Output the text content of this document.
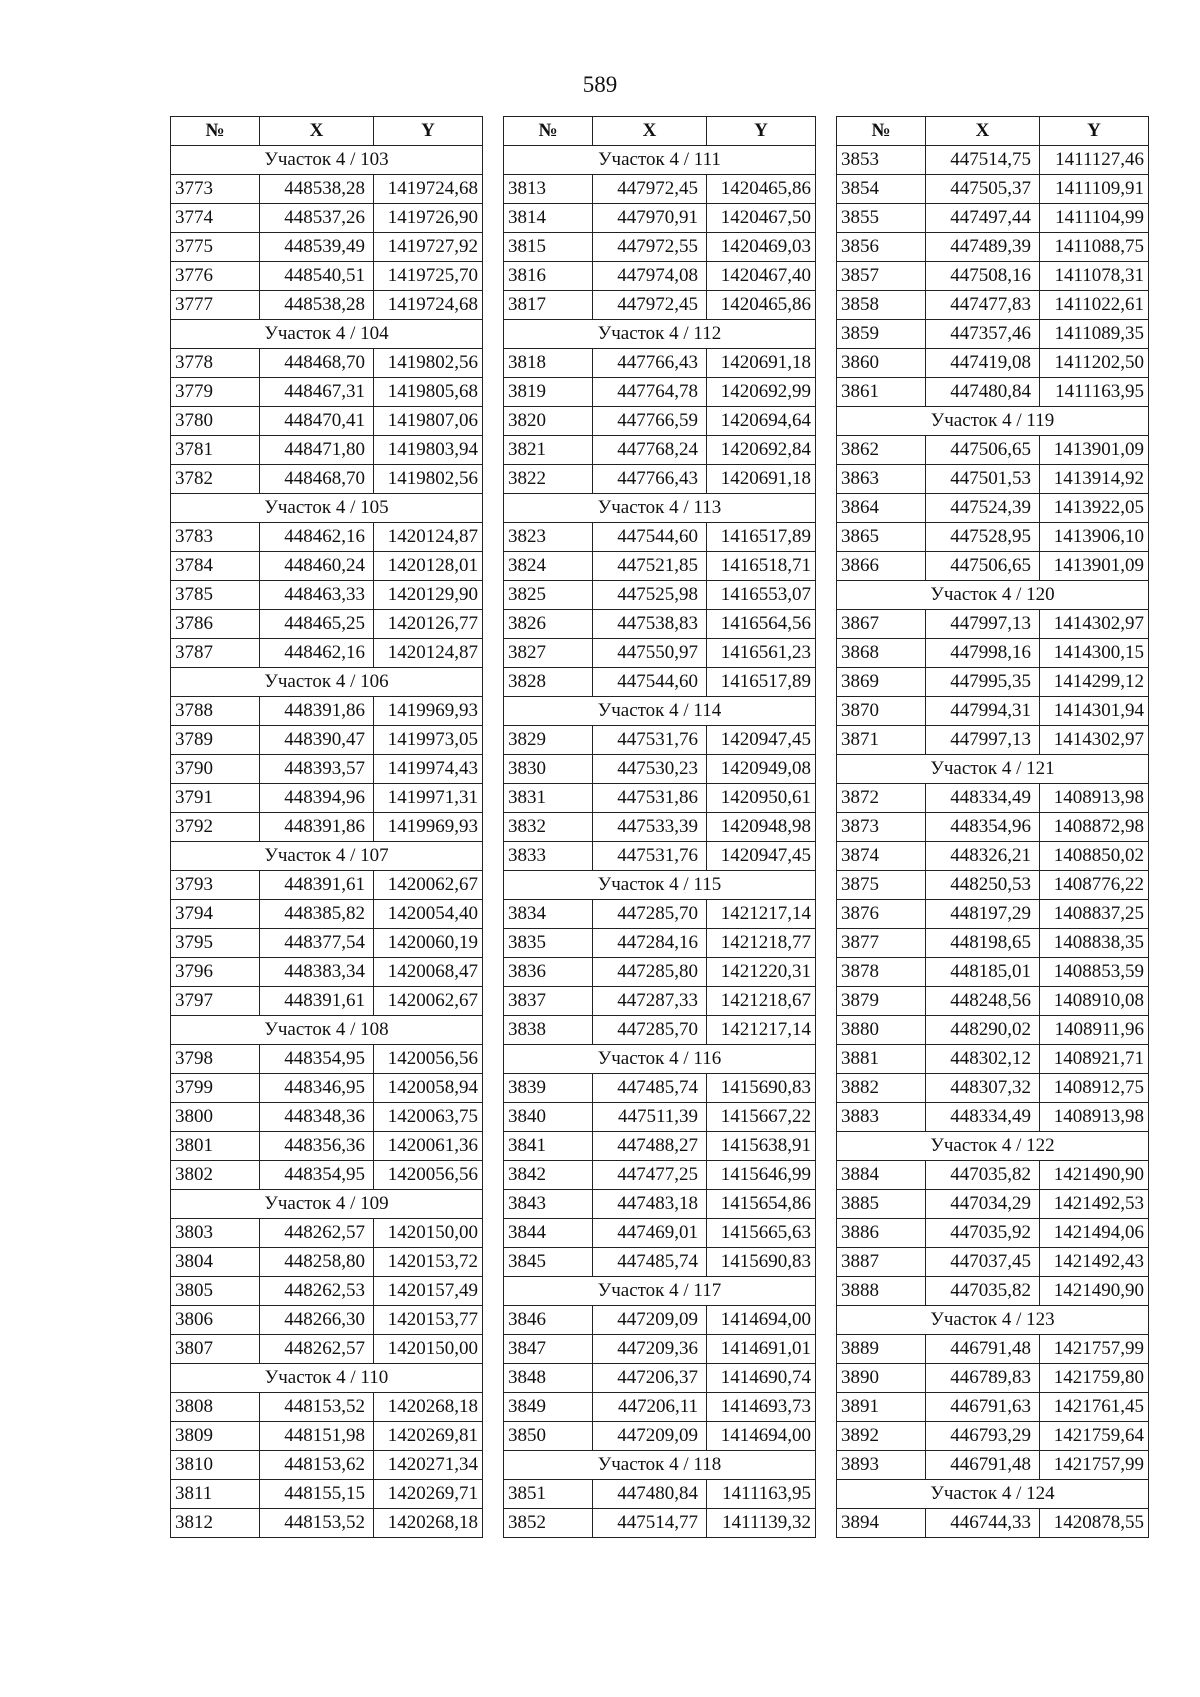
589
№	X	Y
Участок 4 / 103		
3773	448538,28	1419724,68
3774	448537,26	1419726,90
3775	448539,49	1419727,92
3776	448540,51	1419725,70
3777	448538,28	1419724,68
Участок 4 / 104		
3778	448468,70	1419802,56
3779	448467,31	1419805,68
3780	448470,41	1419807,06
3781	448471,80	1419803,94
3782	448468,70	1419802,56
Участок 4 / 105		
3783	448462,16	1420124,87
3784	448460,24	1420128,01
3785	448463,33	1420129,90
3786	448465,25	1420126,77
3787	448462,16	1420124,87
Участок 4 / 106		
3788	448391,86	1419969,93
3789	448390,47	1419973,05
3790	448393,57	1419974,43
3791	448394,96	1419971,31
3792	448391,86	1419969,93
Участок 4 / 107		
3793	448391,61	1420062,67
3794	448385,82	1420054,40
3795	448377,54	1420060,19
3796	448383,34	1420068,47
3797	448391,61	1420062,67
Участок 4 / 108		
3798	448354,95	1420056,56
3799	448346,95	1420058,94
3800	448348,36	1420063,75
3801	448356,36	1420061,36
3802	448354,95	1420056,56
Участок 4 / 109		
3803	448262,57	1420150,00
3804	448258,80	1420153,72
3805	448262,53	1420157,49
3806	448266,30	1420153,77
3807	448262,57	1420150,00
Участок 4 / 110		
3808	448153,52	1420268,18
3809	448151,98	1420269,81
3810	448153,62	1420271,34
3811	448155,15	1420269,71
3812	448153,52	1420268,18
№	X	Y
Участок 4 / 111		
3813	447972,45	1420465,86
3814	447970,91	1420467,50
3815	447972,55	1420469,03
3816	447974,08	1420467,40
3817	447972,45	1420465,86
Участок 4 / 112		
3818	447766,43	1420691,18
3819	447764,78	1420692,99
3820	447766,59	1420694,64
3821	447768,24	1420692,84
3822	447766,43	1420691,18
Участок 4 / 113		
3823	447544,60	1416517,89
3824	447521,85	1416518,71
3825	447525,98	1416553,07
3826	447538,83	1416564,56
3827	447550,97	1416561,23
3828	447544,60	1416517,89
Участок 4 / 114		
3829	447531,76	1420947,45
3830	447530,23	1420949,08
3831	447531,86	1420950,61
3832	447533,39	1420948,98
3833	447531,76	1420947,45
Участок 4 / 115		
3834	447285,70	1421217,14
3835	447284,16	1421218,77
3836	447285,80	1421220,31
3837	447287,33	1421218,67
3838	447285,70	1421217,14
Участок 4 / 116		
3839	447485,74	1415690,83
3840	447511,39	1415667,22
3841	447488,27	1415638,91
3842	447477,25	1415646,99
3843	447483,18	1415654,86
3844	447469,01	1415665,63
3845	447485,74	1415690,83
Участок 4 / 117		
3846	447209,09	1414694,00
3847	447209,36	1414691,01
3848	447206,37	1414690,74
3849	447206,11	1414693,73
3850	447209,09	1414694,00
Участок 4 / 118		
3851	447480,84	1411163,95
3852	447514,77	1411139,32
№	X	Y
3853	447514,75	1411127,46
3854	447505,37	1411109,91
3855	447497,44	1411104,99
3856	447489,39	1411088,75
3857	447508,16	1411078,31
3858	447477,83	1411022,61
3859	447357,46	1411089,35
3860	447419,08	1411202,50
3861	447480,84	1411163,95
Участок 4 / 119		
3862	447506,65	1413901,09
3863	447501,53	1413914,92
3864	447524,39	1413922,05
3865	447528,95	1413906,10
3866	447506,65	1413901,09
Участок 4 / 120		
3867	447997,13	1414302,97
3868	447998,16	1414300,15
3869	447995,35	1414299,12
3870	447994,31	1414301,94
3871	447997,13	1414302,97
Участок 4 / 121		
3872	448334,49	1408913,98
3873	448354,96	1408872,98
3874	448326,21	1408850,02
3875	448250,53	1408776,22
3876	448197,29	1408837,25
3877	448198,65	1408838,35
3878	448185,01	1408853,59
3879	448248,56	1408910,08
3880	448290,02	1408911,96
3881	448302,12	1408921,71
3882	448307,32	1408912,75
3883	448334,49	1408913,98
Участок 4 / 122		
3884	447035,82	1421490,90
3885	447034,29	1421492,53
3886	447035,92	1421494,06
3887	447037,45	1421492,43
3888	447035,82	1421490,90
Участок 4 / 123		
3889	446791,48	1421757,99
3890	446789,83	1421759,80
3891	446791,63	1421761,45
3892	446793,29	1421759,64
3893	446791,48	1421757,99
Участок 4 / 124		
3894	446744,33	1420878,55
